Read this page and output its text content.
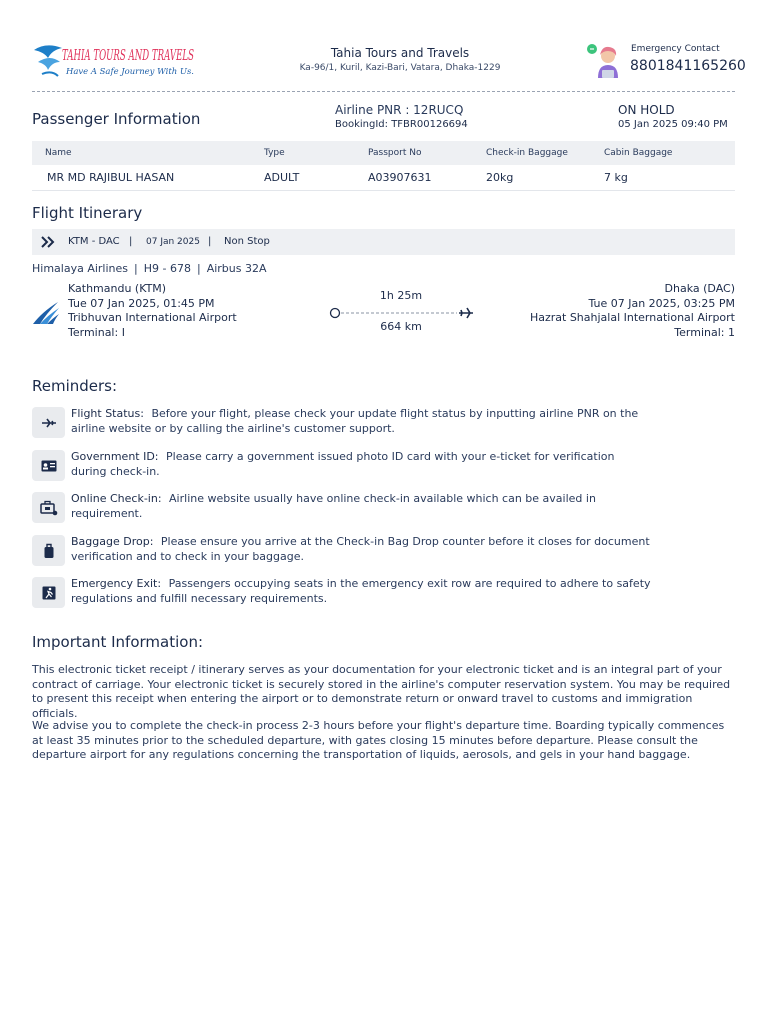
TAHIA TOURS AND TRAVELS
Have A Safe Journey With Us.
Tahia Tours and Travels
Ka-96/1, Kuril, Kazi-Bari, Vatara, Dhaka-1229
Emergency Contact
8801841165260
Passenger Information	Airline PNR : 12RUCQ
BookingId: TFBR00126694
ON HOLD
05 Jan 2025 09:40 PM
Name	Type	Passport No	Check-in Baggage	Cabin Baggage
MR MD RAJIBUL HASAN	ADULT	A03907631	20kg	7 kg
Flight Itinerary
KTM - DAC | 07 Jan 2025 | Non Stop
Himalaya Airlines | H9 - 678 | Airbus 32A
Kathmandu (KTM)
Tue 07 Jan 2025, 01:45 PM
Tribhuvan International Airport
Terminal: I
1h 25m
664 km
Dhaka (DAC)
Tue 07 Jan 2025, 03:25 PM
Hazrat Shahjalal International Airport
Terminal: 1
Reminders:
Flight Status: Before your flight, please check your update flight status by inputting airline PNR on the airline website or by calling the airline's customer support.
Government ID: Please carry a government issued photo ID card with your e-ticket for verification during check-in.
Online Check-in: Airline website usually have online check-in available which can be availed in requirement.
Baggage Drop: Please ensure you arrive at the Check-in Bag Drop counter before it closes for document verification and to check in your baggage.
Emergency Exit: Passengers occupying seats in the emergency exit row are required to adhere to safety regulations and fulfill necessary requirements.
Important Information:
This electronic ticket receipt / itinerary serves as your documentation for your electronic ticket and is an integral part of your contract of carriage. Your electronic ticket is securely stored in the airline's computer reservation system. You may be required to present this receipt when entering the airport or to demonstrate return or onward travel to customs and immigration officials.
We advise you to complete the check-in process 2-3 hours before your flight's departure time. Boarding typically commences at least 35 minutes prior to the scheduled departure, with gates closing 15 minutes before departure. Please consult the departure airport for any regulations concerning the transportation of liquids, aerosols, and gels in your hand baggage.
